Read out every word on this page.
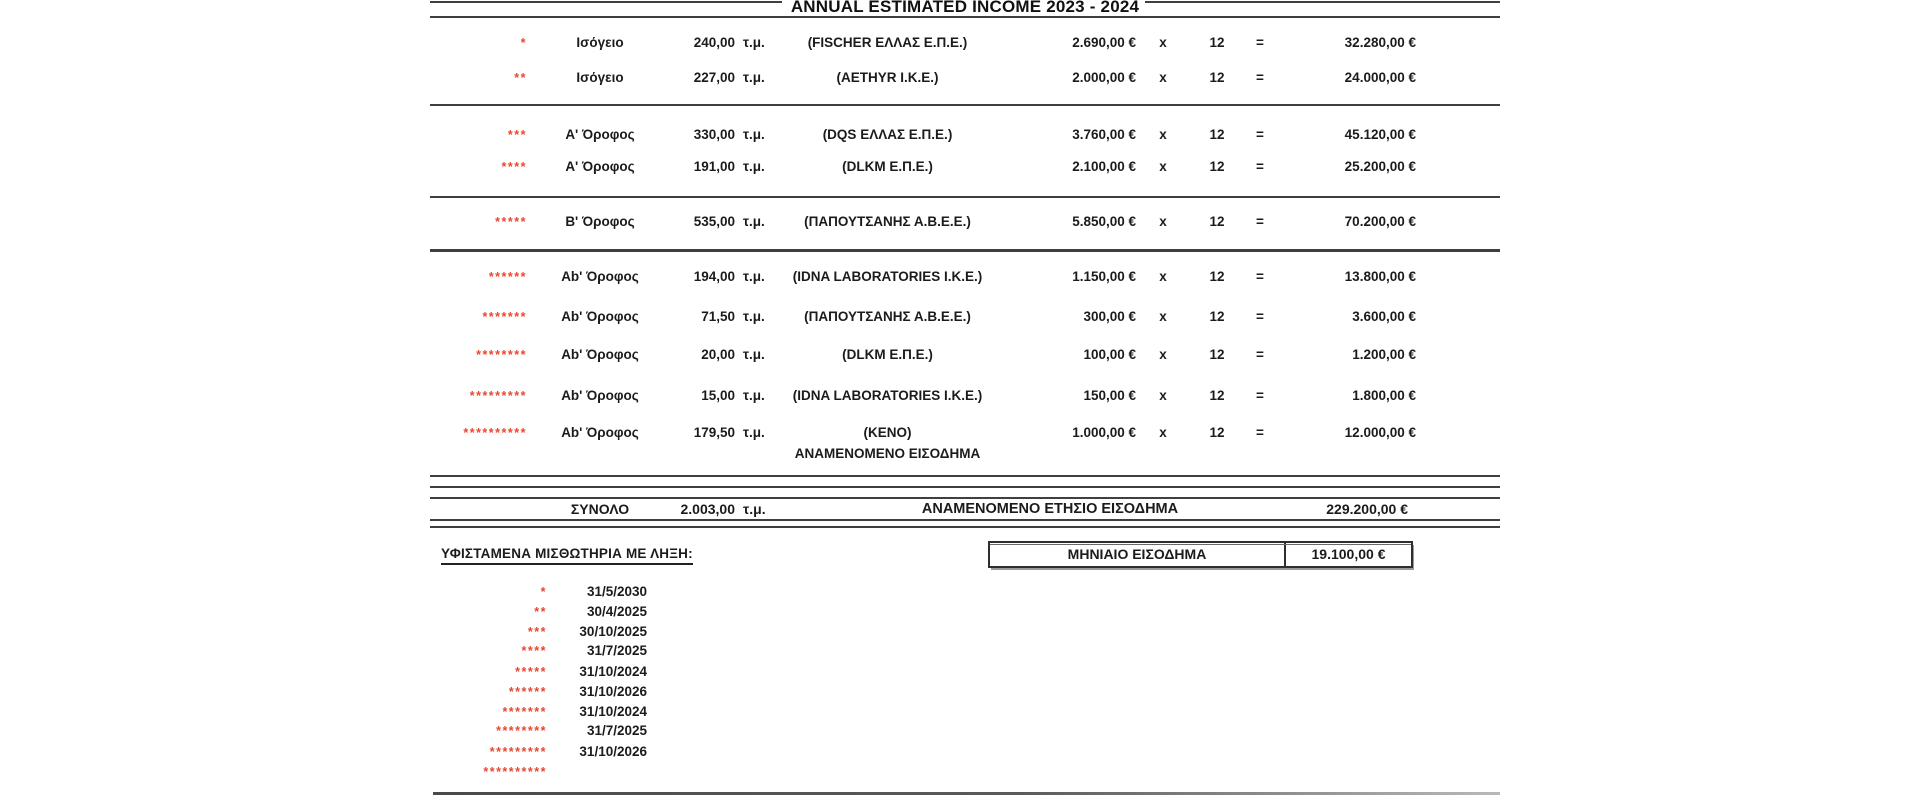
ANNUAL ESTIMATED INCOME 2023 - 2024
*	Ισόγειο	240,00 τ.μ.	(FISCHER ΕΛΛΑΣ Ε.Π.Ε.)	2.690,00 €	x	12	=	32.280,00 €
**	Ισόγειο	227,00 τ.μ.	(AETHYR Ι.Κ.Ε.)	2.000,00 €	x	12	=	24.000,00 €
***	Α' Όροφος	330,00 τ.μ.	(DQS ΕΛΛΑΣ Ε.Π.Ε.)	3.760,00 €	x	12	=	45.120,00 €
****	Α' Όροφος	191,00 τ.μ.	(DLKM Ε.Π.Ε.)	2.100,00 €	x	12	=	25.200,00 €
*****	Β' Όροφος	535,00 τ.μ.	(ΠΑΠΟΥΤΣΑΝΗΣ Α.Β.Ε.Ε.)	5.850,00 €	x	12	=	70.200,00 €
******	Ab' Όροφος	194,00 τ.μ.	(IDNA LABORATORIES Ι.Κ.Ε.)	1.150,00 €	x	12	=	13.800,00 €
*******	Ab' Όροφος	71,50 τ.μ.	(ΠΑΠΟΥΤΣΑΝΗΣ Α.Β.Ε.Ε.)	300,00 €	x	12	=	3.600,00 €
********	Ab' Όροφος	20,00 τ.μ.	(DLKM Ε.Π.Ε.)	100,00 €	x	12	=	1.200,00 €
*********	Ab' Όροφος	15,00 τ.μ.	(IDNA LABORATORIES Ι.Κ.Ε.)	150,00 €	x	12	=	1.800,00 €
**********	Ab' Όροφος	179,50 τ.μ.	(ΚΕΝΟ)	1.000,00 €	x	12	=	12.000,00 €
ΑΝΑΜΕΝΟΜΕΝΟ ΕΙΣΟΔΗΜΑ
ΣΥΝΟΛΟ	2.003,00 τ.μ.	ΑΝΑΜΕΝΟΜΕΝΟ ΕΤΗΣΙΟ ΕΙΣΟΔΗΜΑ	229.200,00 €
ΥΦΙΣΤΑΜΕΝΑ ΜΙΣΘΩΤΗΡΙΑ ΜΕ ΛΗΞΗ:	ΜΗΝΙΑΙΟ ΕΙΣΟΔΗΜΑ	19.100,00 €
*	31/5/2030
**	30/4/2025
***	30/10/2025
****	31/7/2025
*****	31/10/2024
******	31/10/2026
*******	31/10/2024
********	31/7/2025
*********	31/10/2026
**********
